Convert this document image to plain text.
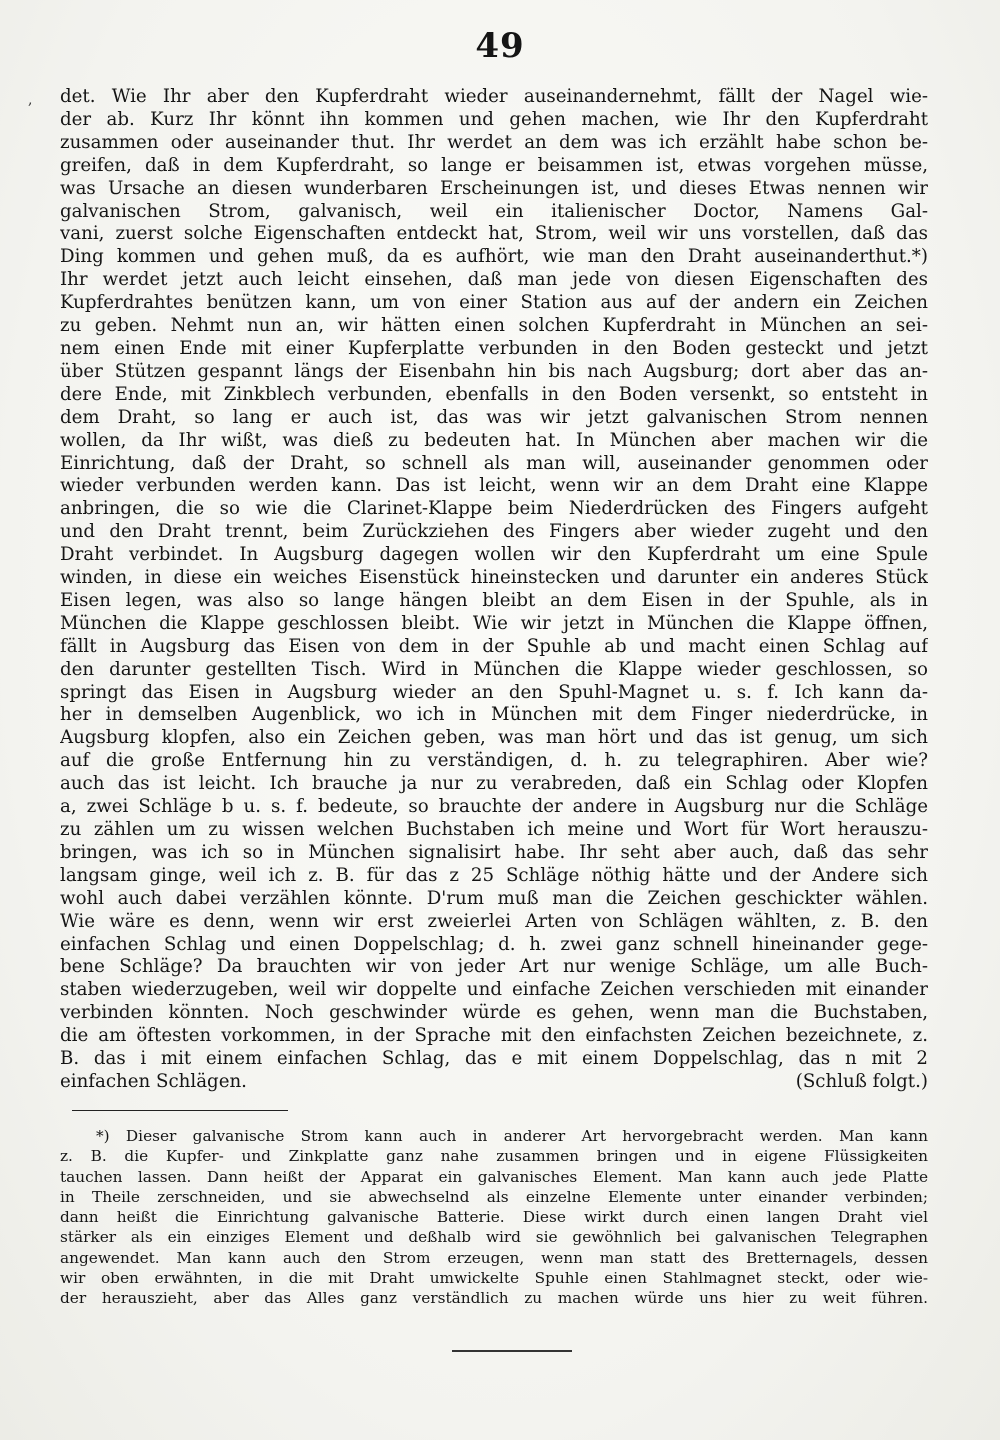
49
, det. Wie Ihr aber den Kupferdraht wieder auseinandernehmt, fällt der Nagel wie-
der ab. Kurz Ihr könnt ihn kommen und gehen machen, wie Ihr den Kupferdraht
zusammen oder auseinander thut. Ihr werdet an dem was ich erzählt habe schon be-
greifen, daß in dem Kupferdraht, so lange er beisammen ist, etwas vorgehen müsse,
was Ursache an diesen wunderbaren Erscheinungen ist, und dieses Etwas nennen wir
galvanischen Strom, galvanisch, weil ein italienischer Doctor, Namens Gal-
vani, zuerst solche Eigenschaften entdeckt hat, Strom, weil wir uns vorstellen, daß das
Ding kommen und gehen muß, da es aufhört, wie man den Draht auseinanderthut.*)
Ihr werdet jetzt auch leicht einsehen, daß man jede von diesen Eigenschaften des
Kupferdrahtes benützen kann, um von einer Station aus auf der andern ein Zeichen
zu geben. Nehmt nun an, wir hätten einen solchen Kupferdraht in München an sei-
nem einen Ende mit einer Kupferplatte verbunden in den Boden gesteckt und jetzt
über Stützen gespannt längs der Eisenbahn hin bis nach Augsburg; dort aber das an-
dere Ende, mit Zinkblech verbunden, ebenfalls in den Boden versenkt, so entsteht in
dem Draht, so lang er auch ist, das was wir jetzt galvanischen Strom nennen
wollen, da Ihr wißt, was dieß zu bedeuten hat. In München aber machen wir die
Einrichtung, daß der Draht, so schnell als man will, auseinander genommen oder
wieder verbunden werden kann. Das ist leicht, wenn wir an dem Draht eine Klappe
anbringen, die so wie die Clarinet-Klappe beim Niederdrücken des Fingers aufgeht
und den Draht trennt, beim Zurückziehen des Fingers aber wieder zugeht und den
Draht verbindet. In Augsburg dagegen wollen wir den Kupferdraht um eine Spule
winden, in diese ein weiches Eisenstück hineinstecken und darunter ein anderes Stück
Eisen legen, was also so lange hängen bleibt an dem Eisen in der Spuhle, als in
München die Klappe geschlossen bleibt. Wie wir jetzt in München die Klappe öffnen,
fällt in Augsburg das Eisen von dem in der Spuhle ab und macht einen Schlag auf
den darunter gestellten Tisch. Wird in München die Klappe wieder geschlossen, so
springt das Eisen in Augsburg wieder an den Spuhl-Magnet u. s. f. Ich kann da-
her in demselben Augenblick, wo ich in München mit dem Finger niederdrücke, in
Augsburg klopfen, also ein Zeichen geben, was man hört und das ist genug, um sich
auf die große Entfernung hin zu verständigen, d. h. zu telegraphiren. Aber wie?
auch das ist leicht. Ich brauche ja nur zu verabreden, daß ein Schlag oder Klopfen
a, zwei Schläge b u. s. f. bedeute, so brauchte der andere in Augsburg nur die Schläge
zu zählen um zu wissen welchen Buchstaben ich meine und Wort für Wort herauszu-
bringen, was ich so in München signalisirt habe. Ihr seht aber auch, daß das sehr
langsam ginge, weil ich z. B. für das z 25 Schläge nöthig hätte und der Andere sich
wohl auch dabei verzählen könnte. D'rum muß man die Zeichen geschickter wählen.
Wie wäre es denn, wenn wir erst zweierlei Arten von Schlägen wählten, z. B. den
einfachen Schlag und einen Doppelschlag; d. h. zwei ganz schnell hineinander gege-
bene Schläge? Da brauchten wir von jeder Art nur wenige Schläge, um alle Buch-
staben wiederzugeben, weil wir doppelte und einfache Zeichen verschieden mit einander
verbinden könnten. Noch geschwinder würde es gehen, wenn man die Buchstaben,
die am öftesten vorkommen, in der Sprache mit den einfachsten Zeichen bezeichnete, z.
B. das i mit einem einfachen Schlag, das e mit einem Doppelschlag, das n mit 2
einfachen Schlägen.	(Schluß folgt.)
*) Dieser galvanische Strom kann auch in anderer Art hervorgebracht werden. Man kann
z. B. die Kupfer- und Zinkplatte ganz nahe zusammen bringen und in eigene Flüssigkeiten
tauchen lassen. Dann heißt der Apparat ein galvanisches Element. Man kann auch jede Platte
in Theile zerschneiden, und sie abwechselnd als einzelne Elemente unter einander verbinden;
dann heißt die Einrichtung galvanische Batterie. Diese wirkt durch einen langen Draht viel
stärker als ein einziges Element und deßhalb wird sie gewöhnlich bei galvanischen Telegraphen
angewendet. Man kann auch den Strom erzeugen, wenn man statt des Bretternagels, dessen
wir oben erwähnten, in die mit Draht umwickelte Spuhle einen Stahlmagnet steckt, oder wie-
der herauszieht, aber das Alles ganz verständlich zu machen würde uns hier zu weit führen.
